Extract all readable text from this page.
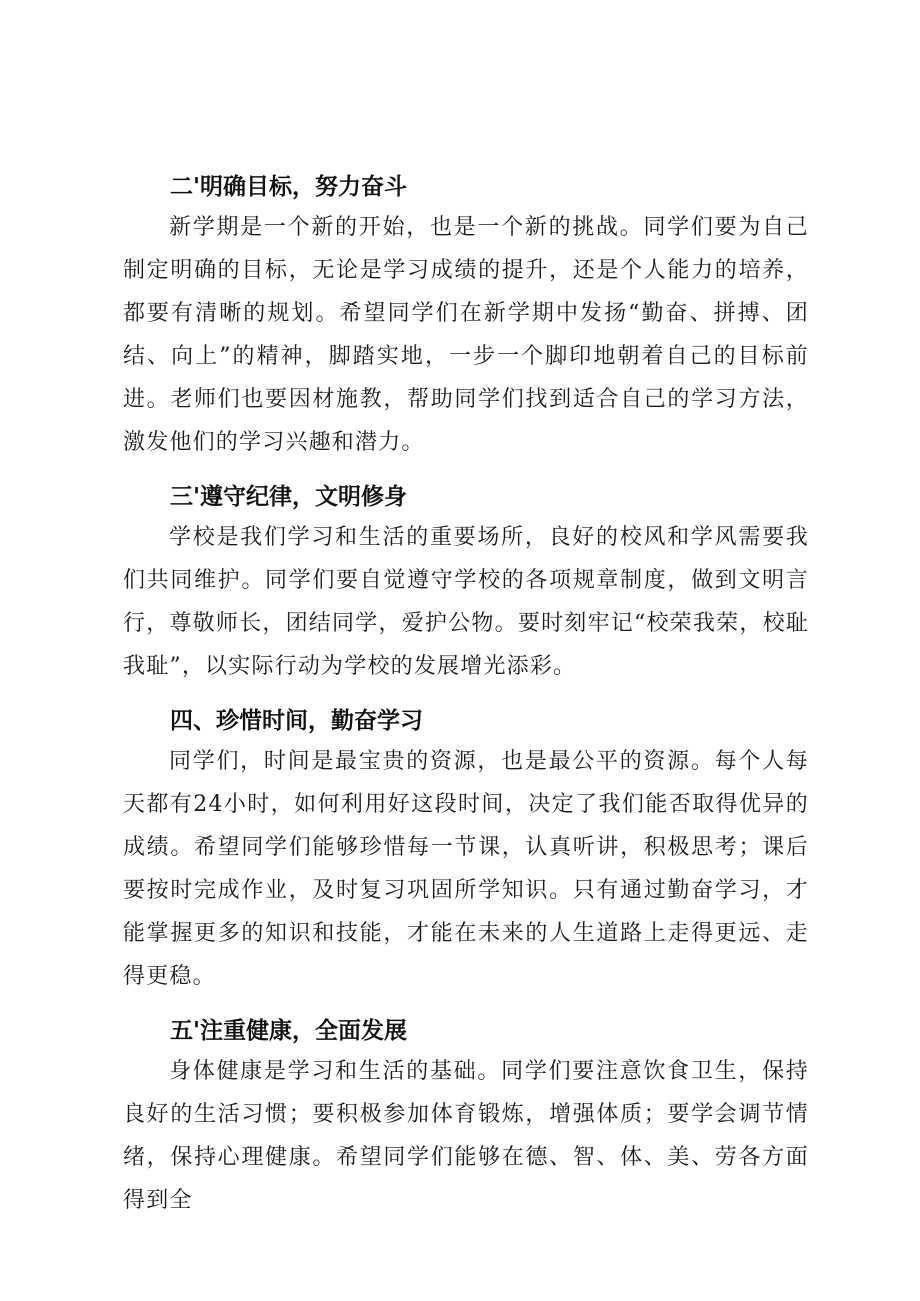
二'明确目标，努力奋斗

新学期是一个新的开始，也是一个新的挑战。同学们要为自己制定明确的目标，无论是学习成绩的提升，还是个人能力的培养，都要有清晰的规划。希望同学们在新学期中发扬“勤奋、拼搏、团结、向上”的精神，脚踏实地，一步一个脚印地朝着自己的目标前进。老师们也要因材施教，帮助同学们找到适合自己的学习方法，激发他们的学习兴趣和潜力。

三'遵守纪律，文明修身

学校是我们学习和生活的重要场所，良好的校风和学风需要我们共同维护。同学们要自觉遵守学校的各项规章制度，做到文明言行，尊敬师长，团结同学，爱护公物。要时刻牢记“校荣我荣，校耻我耻”，以实际行动为学校的发展增光添彩。

四、珍惜时间，勤奋学习

同学们，时间是最宝贵的资源，也是最公平的资源。每个人每天都有24小时，如何利用好这段时间，决定了我们能否取得优异的成绩。希望同学们能够珍惜每一节课，认真听讲，积极思考；课后要按时完成作业，及时复习巩固所学知识。只有通过勤奋学习，才能掌握更多的知识和技能，才能在未来的人生道路上走得更远、走得更稳。

五'注重健康，全面发展

身体健康是学习和生活的基础。同学们要注意饮食卫生，保持良好的生活习惯；要积极参加体育锻炼，增强体质；要学会调节情绪，保持心理健康。希望同学们能够在德、智、体、美、劳各方面得到全
